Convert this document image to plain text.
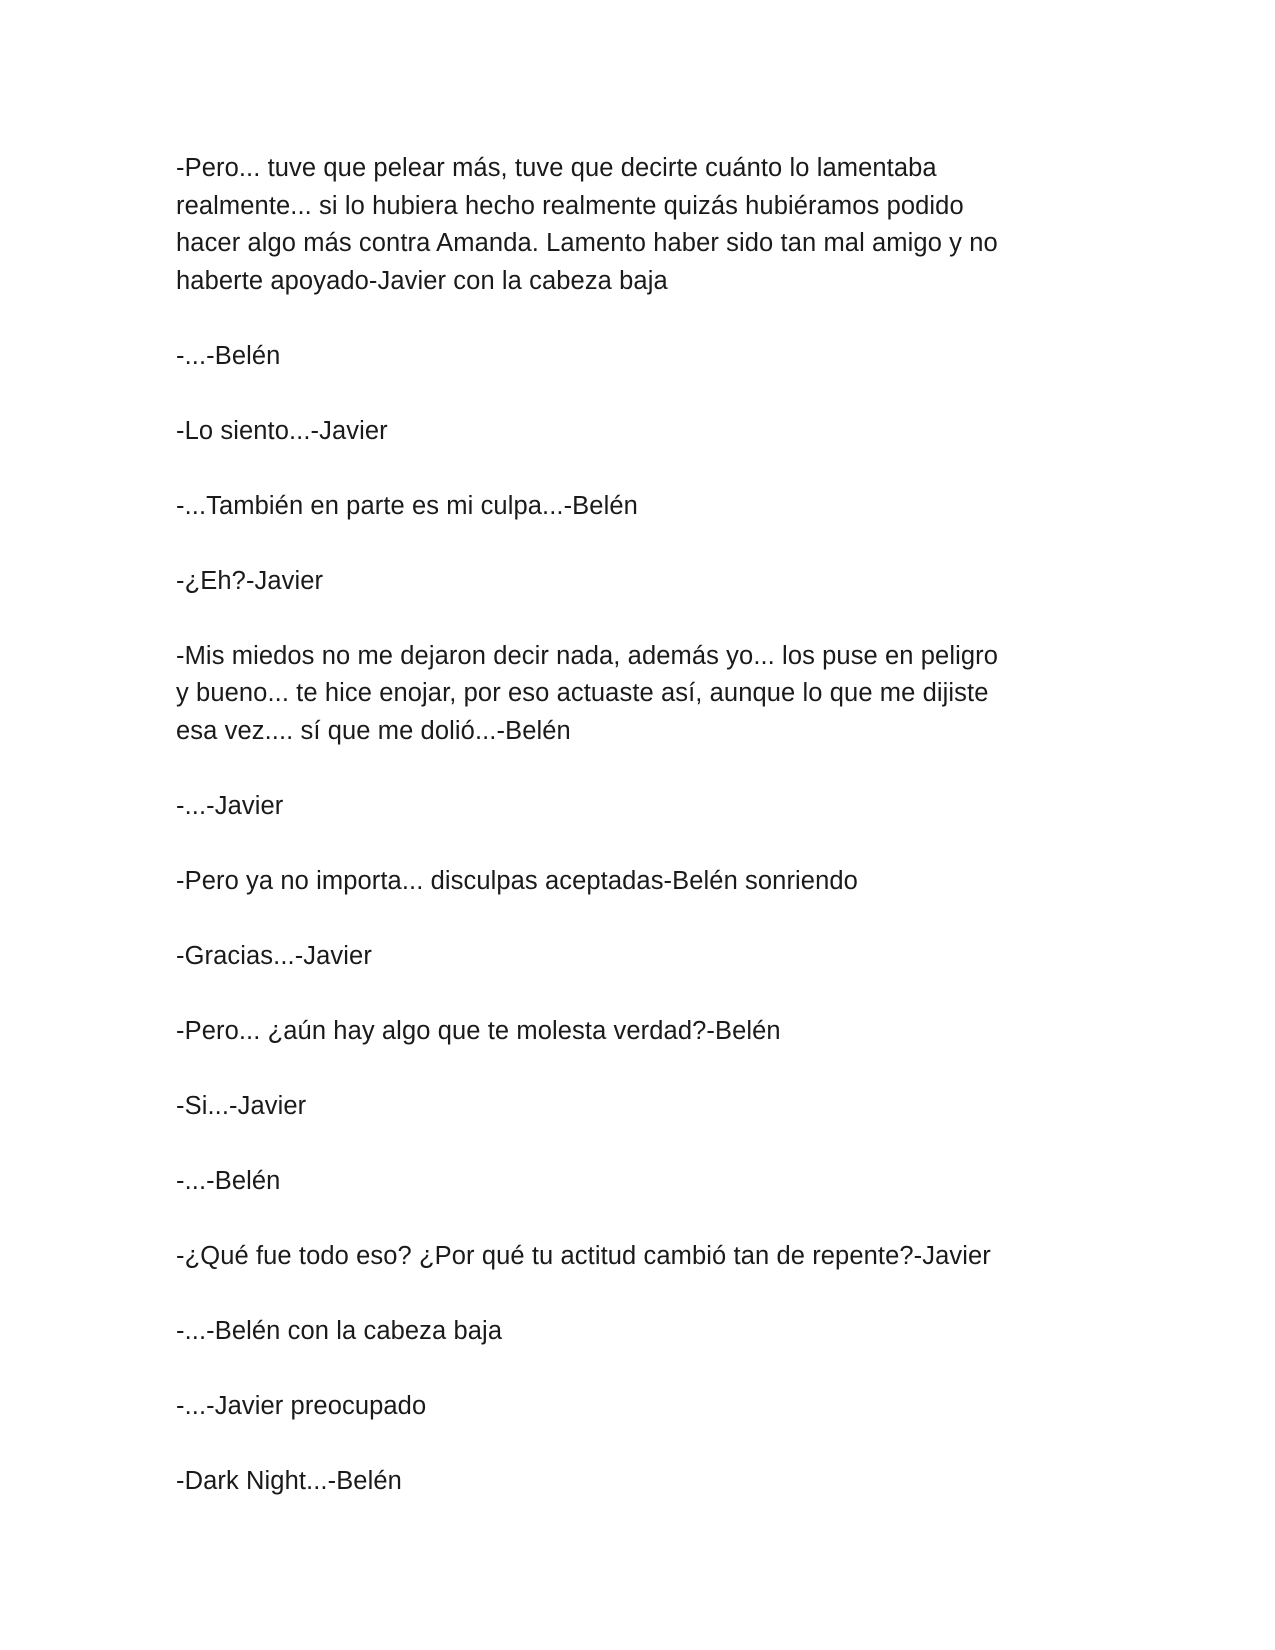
-Pero... tuve que pelear más, tuve que decirte cuánto lo lamentaba
realmente... si lo hubiera hecho realmente quizás hubiéramos podido
hacer algo más contra Amanda. Lamento haber sido tan mal amigo y no
haberte apoyado-Javier con la cabeza baja

-...-Belén

-Lo siento...-Javier

-...También en parte es mi culpa...-Belén

-¿Eh?-Javier

-Mis miedos no me dejaron decir nada, además yo... los puse en peligro
y bueno... te hice enojar, por eso actuaste así, aunque lo que me dijiste
esa vez.... sí que me dolió...-Belén

-...-Javier

-Pero ya no importa... disculpas aceptadas-Belén sonriendo

-Gracias...-Javier

-Pero... ¿aún hay algo que te molesta verdad?-Belén

-Si...-Javier

-...-Belén

-¿Qué fue todo eso? ¿Por qué tu actitud cambió tan de repente?-Javier

-...-Belén con la cabeza baja

-...-Javier preocupado

-Dark Night...-Belén
